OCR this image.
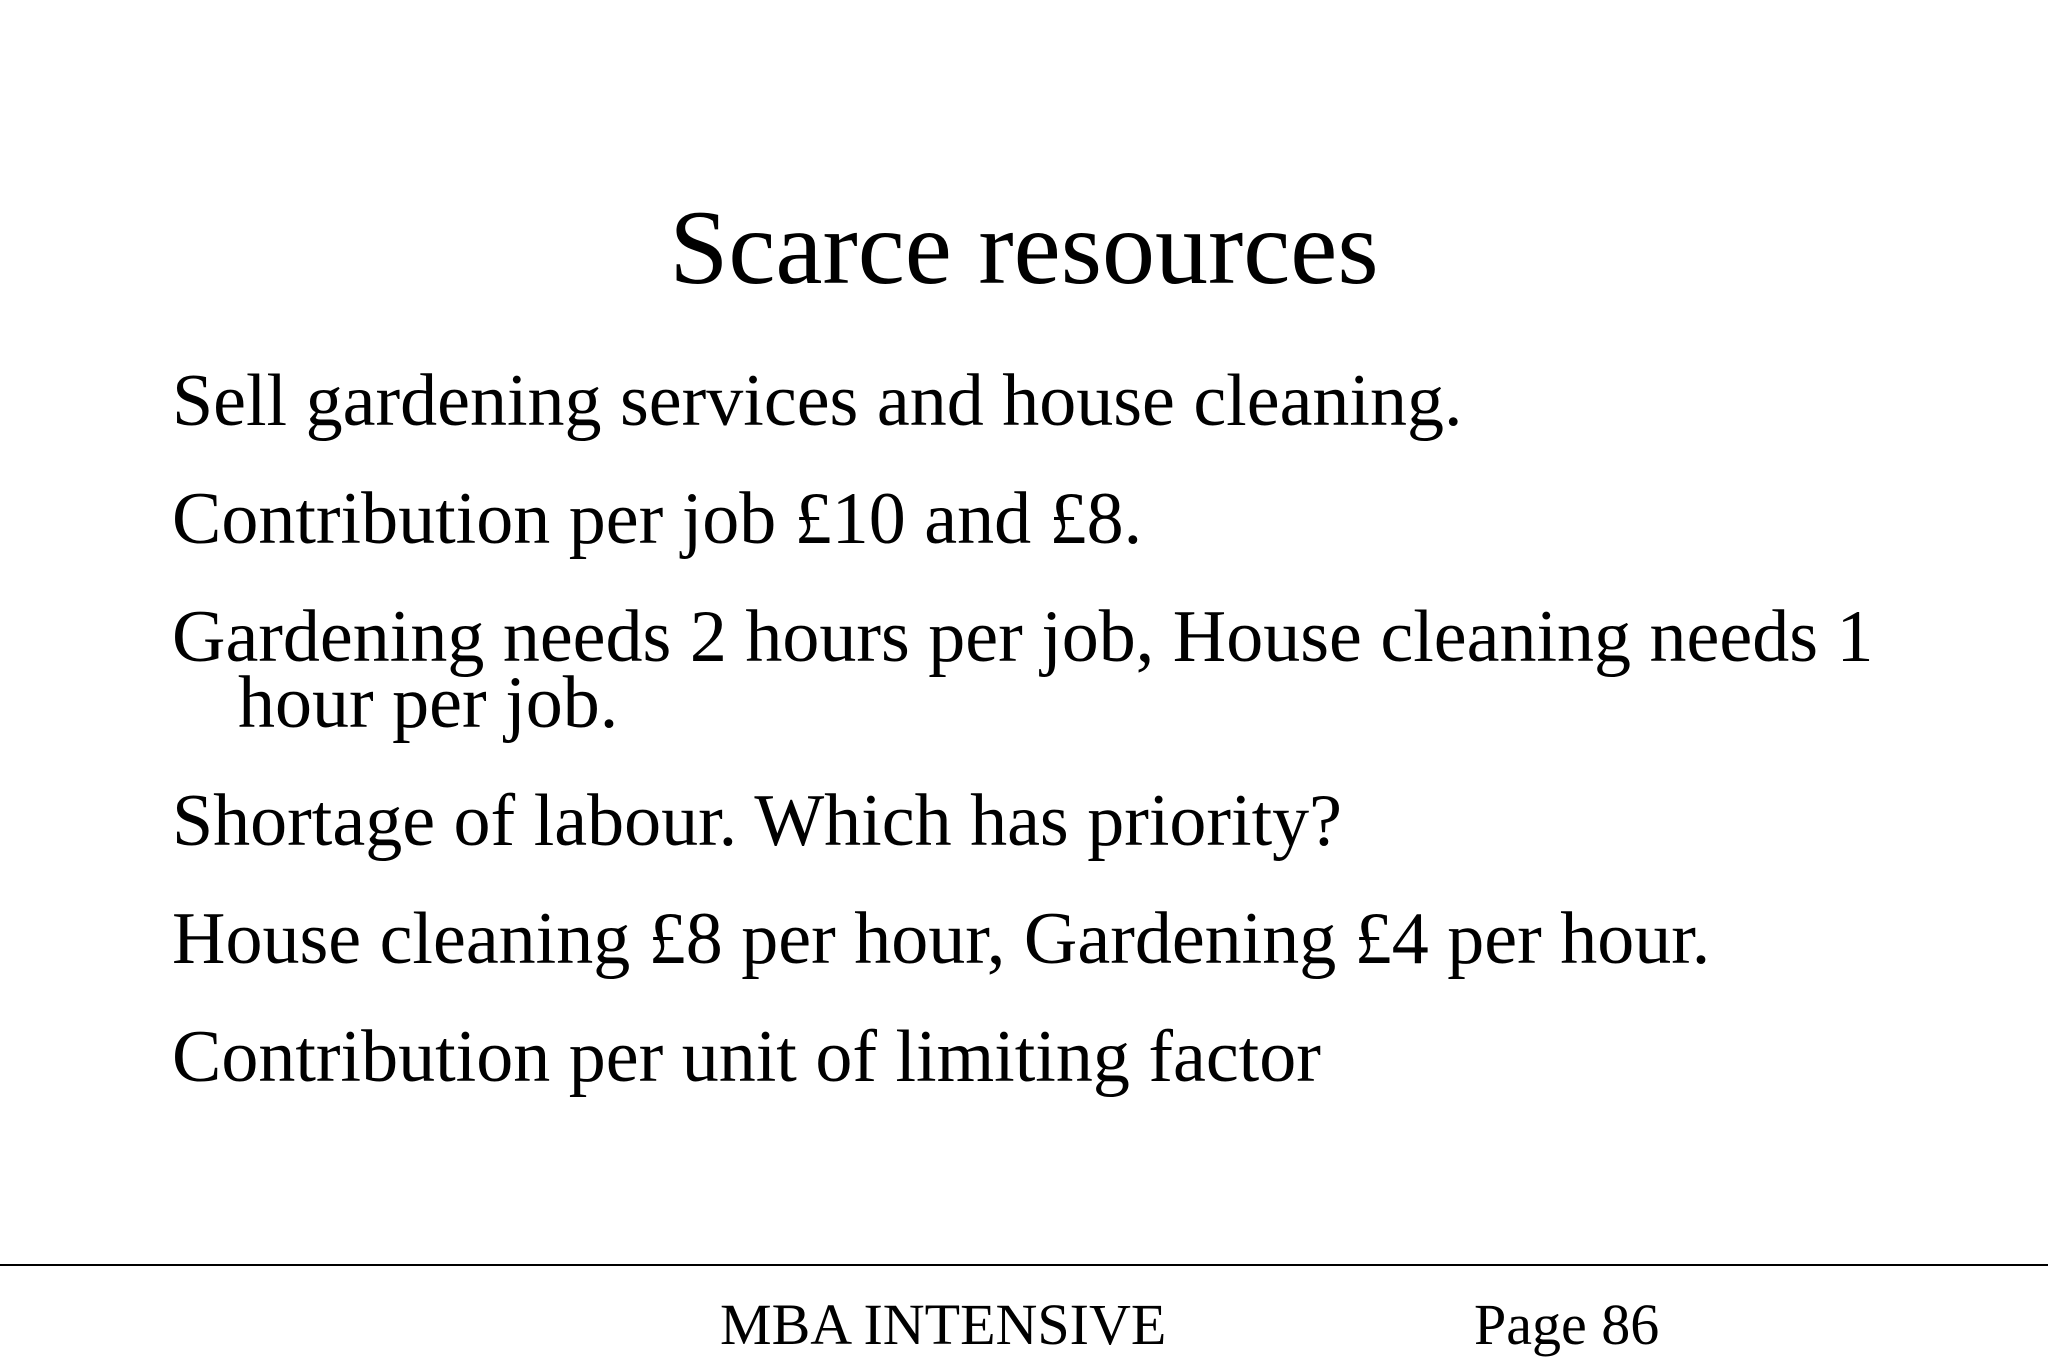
Scarce resources
Sell gardening services and house cleaning.
Contribution per job £10 and £8.
Gardening needs 2 hours per job, House cleaning needs 1 hour per job.
Shortage of labour. Which has priority?
House cleaning £8 per hour, Gardening £4 per hour.
Contribution per unit of limiting factor
MBA INTENSIVE	Page 86
